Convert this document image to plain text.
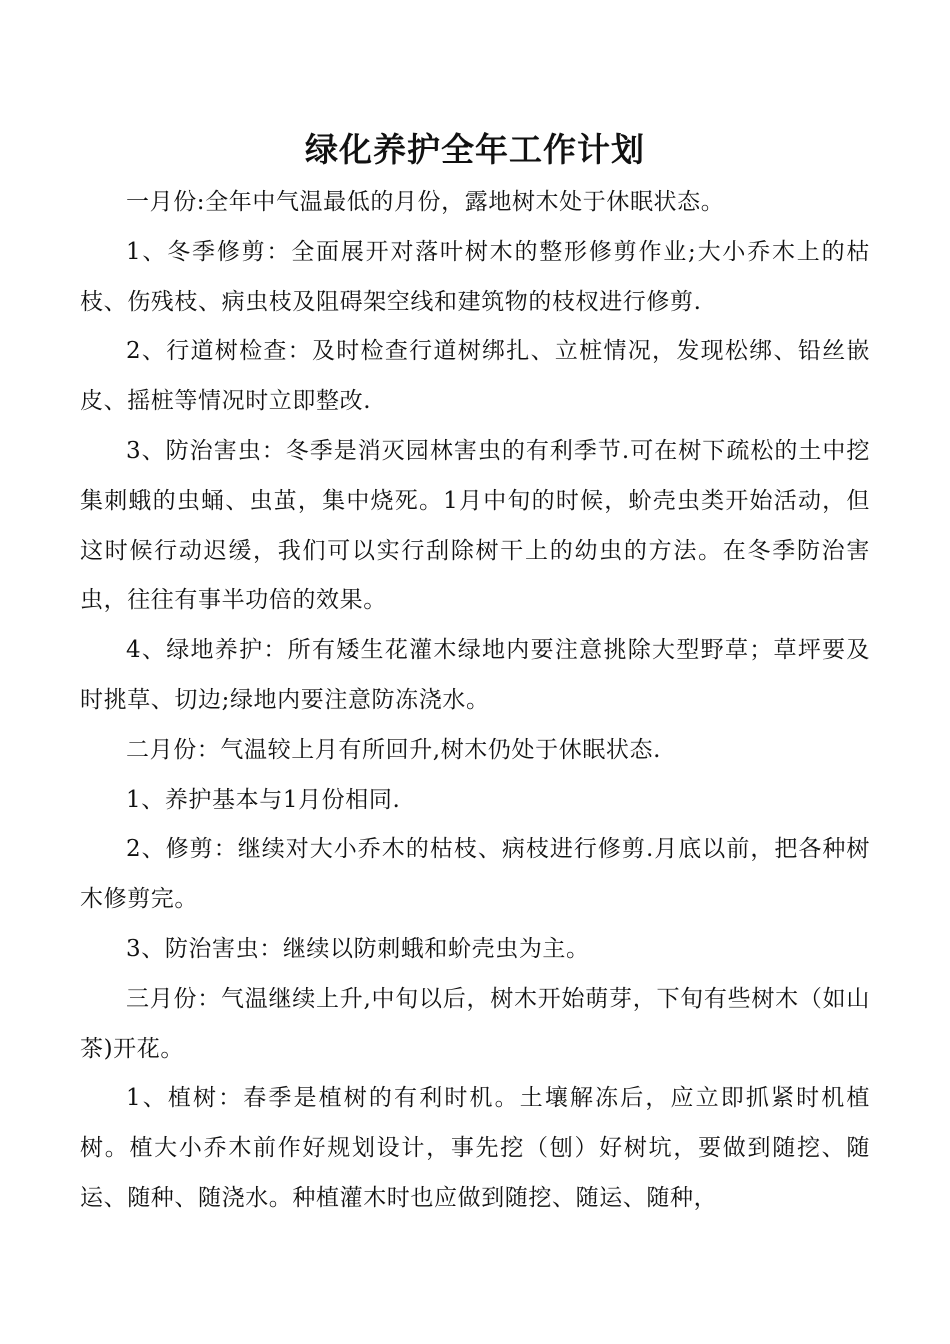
绿化养护全年工作计划

一月份:全年中气温最低的月份，露地树木处于休眠状态。

1、冬季修剪：全面展开对落叶树木的整形修剪作业;大小乔木上的枯枝、伤残枝、病虫枝及阻碍架空线和建筑物的枝杈进行修剪.

2、行道树检查：及时检查行道树绑扎、立桩情况，发现松绑、铅丝嵌皮、摇桩等情况时立即整改.

3、防治害虫：冬季是消灭园林害虫的有利季节.可在树下疏松的土中挖集刺蛾的虫蛹、虫茧，集中烧死。1月中旬的时候，蚧壳虫类开始活动，但这时候行动迟缓，我们可以实行刮除树干上的幼虫的方法。在冬季防治害虫，往往有事半功倍的效果。

4、绿地养护：所有矮生花灌木绿地内要注意挑除大型野草；草坪要及时挑草、切边;绿地内要注意防冻浇水。

二月份：气温较上月有所回升,树木仍处于休眠状态.

1、养护基本与1月份相同.

2、修剪：继续对大小乔木的枯枝、病枝进行修剪.月底以前，把各种树木修剪完。

3、防治害虫：继续以防刺蛾和蚧壳虫为主。

三月份：气温继续上升,中旬以后，树木开始萌芽，下旬有些树木（如山茶)开花。

1、植树：春季是植树的有利时机。土壤解冻后，应立即抓紧时机植树。植大小乔木前作好规划设计，事先挖（刨）好树坑，要做到随挖、随运、随种、随浇水。种植灌木时也应做到随挖、随运、随种，
